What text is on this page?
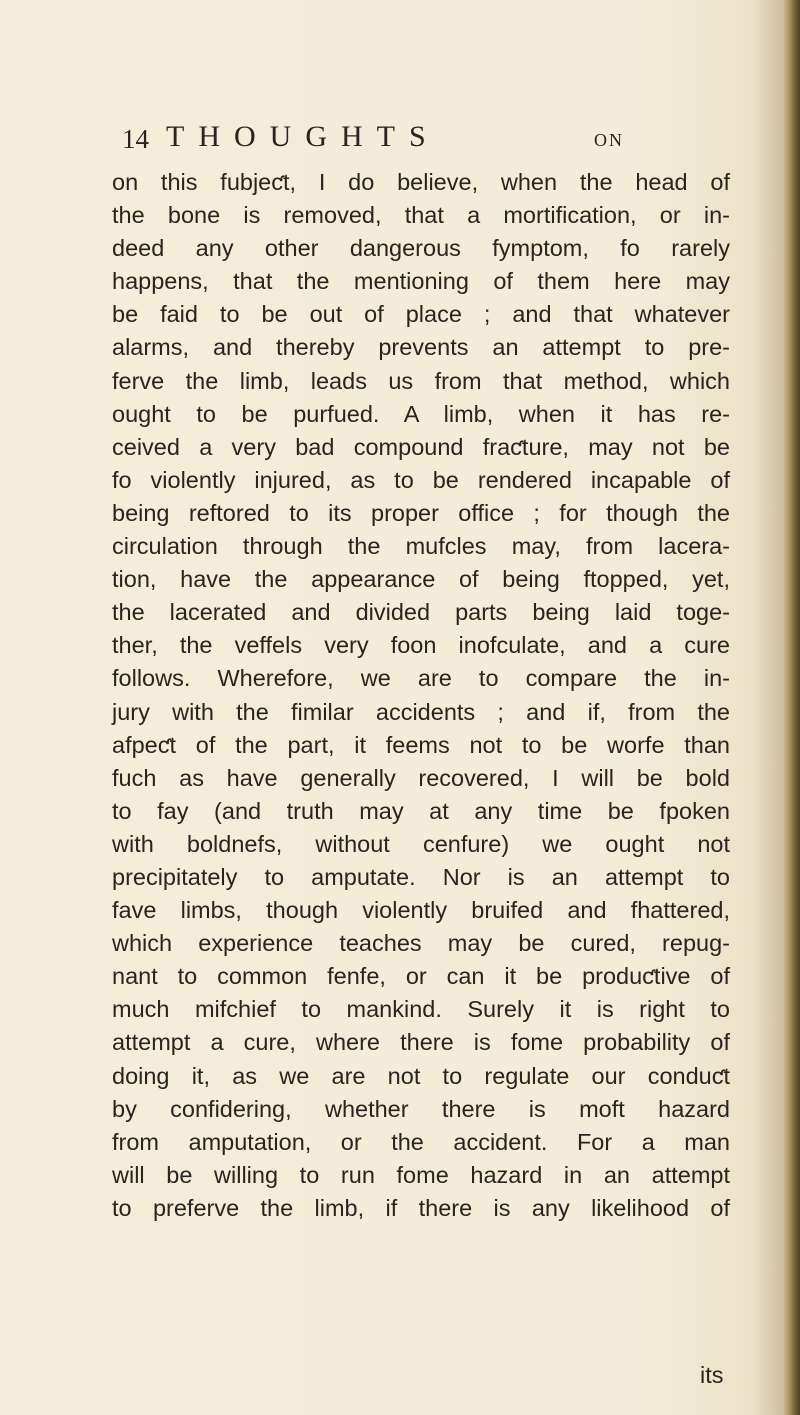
14 THOUGHTS	ON
on this fubjeƈt, I do believe, when the head of
the bone is removed, that a mortification, or in-
deed any other dangerous fymptom, fo rarely
happens, that the mentioning of them here may
be faid to be out of place ; and that whatever
alarms, and thereby prevents an attempt to pre-
ferve the limb, leads us from that method, which
ought to be purfued. A limb, when it has re-
ceived a very bad compound fraƈture, may not be
fo violently injured, as to be rendered incapable of
being reftored to its proper office ; for though the
circulation through the mufcles may, from lacera-
tion, have the appearance of being ftopped, yet,
the lacerated and divided parts being laid toge-
ther, the veffels very foon inofculate, and a cure
follows. Wherefore, we are to compare the in-
jury with the fimilar accidents ; and if, from the
afpeƈt of the part, it feems not to be worfe than
fuch as have generally recovered, I will be bold
to fay (and truth may at any time be fpoken
with boldnefs, without cenfure) we ought not
precipitately to amputate. Nor is an attempt to
fave limbs, though violently bruifed and fhattered,
which experience teaches may be cured, repug-
nant to common fenfe, or can it be produƈtive of
much mifchief to mankind. Surely it is right to
attempt a cure, where there is fome probability of
doing it, as we are not to regulate our conduƈt
by confidering, whether there is moft hazard
from amputation, or the accident. For a man
will be willing to run fome hazard in an attempt
to preferve the limb, if there is any likelihood of
its
